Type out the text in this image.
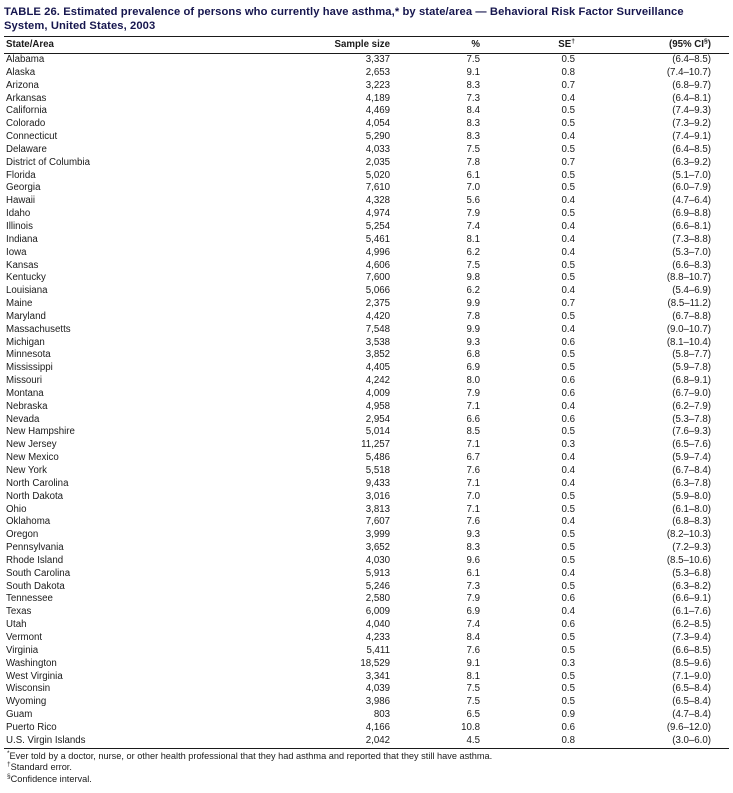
TABLE 26. Estimated prevalence of persons who currently have asthma,* by state/area — Behavioral Risk Factor Surveillance
System, United States, 2003
State/Area	Sample size	%	SE†	(95% CI§)
Alabama	3,337	7.5	0.5	(6.4–8.5)
Alaska	2,653	9.1	0.8	(7.4–10.7)
Arizona	3,223	8.3	0.7	(6.8–9.7)
Arkansas	4,189	7.3	0.4	(6.4–8.1)
California	4,469	8.4	0.5	(7.4–9.3)
Colorado	4,054	8.3	0.5	(7.3–9.2)
Connecticut	5,290	8.3	0.4	(7.4–9.1)
Delaware	4,033	7.5	0.5	(6.4–8.5)
District of Columbia	2,035	7.8	0.7	(6.3–9.2)
Florida	5,020	6.1	0.5	(5.1–7.0)
Georgia	7,610	7.0	0.5	(6.0–7.9)
Hawaii	4,328	5.6	0.4	(4.7–6.4)
Idaho	4,974	7.9	0.5	(6.9–8.8)
Illinois	5,254	7.4	0.4	(6.6–8.1)
Indiana	5,461	8.1	0.4	(7.3–8.8)
Iowa	4,996	6.2	0.4	(5.3–7.0)
Kansas	4,606	7.5	0.5	(6.6–8.3)
Kentucky	7,600	9.8	0.5	(8.8–10.7)
Louisiana	5,066	6.2	0.4	(5.4–6.9)
Maine	2,375	9.9	0.7	(8.5–11.2)
Maryland	4,420	7.8	0.5	(6.7–8.8)
Massachusetts	7,548	9.9	0.4	(9.0–10.7)
Michigan	3,538	9.3	0.6	(8.1–10.4)
Minnesota	3,852	6.8	0.5	(5.8–7.7)
Mississippi	4,405	6.9	0.5	(5.9–7.8)
Missouri	4,242	8.0	0.6	(6.8–9.1)
Montana	4,009	7.9	0.6	(6.7–9.0)
Nebraska	4,958	7.1	0.4	(6.2–7.9)
Nevada	2,954	6.6	0.6	(5.3–7.8)
New Hampshire	5,014	8.5	0.5	(7.6–9.3)
New Jersey	11,257	7.1	0.3	(6.5–7.6)
New Mexico	5,486	6.7	0.4	(5.9–7.4)
New York	5,518	7.6	0.4	(6.7–8.4)
North Carolina	9,433	7.1	0.4	(6.3–7.8)
North Dakota	3,016	7.0	0.5	(5.9–8.0)
Ohio	3,813	7.1	0.5	(6.1–8.0)
Oklahoma	7,607	7.6	0.4	(6.8–8.3)
Oregon	3,999	9.3	0.5	(8.2–10.3)
Pennsylvania	3,652	8.3	0.5	(7.2–9.3)
Rhode Island	4,030	9.6	0.5	(8.5–10.6)
South Carolina	5,913	6.1	0.4	(5.3–6.8)
South Dakota	5,246	7.3	0.5	(6.3–8.2)
Tennessee	2,580	7.9	0.6	(6.6–9.1)
Texas	6,009	6.9	0.4	(6.1–7.6)
Utah	4,040	7.4	0.6	(6.2–8.5)
Vermont	4,233	8.4	0.5	(7.3–9.4)
Virginia	5,411	7.6	0.5	(6.6–8.5)
Washington	18,529	9.1	0.3	(8.5–9.6)
West Virginia	3,341	8.1	0.5	(7.1–9.0)
Wisconsin	4,039	7.5	0.5	(6.5–8.4)
Wyoming	3,986	7.5	0.5	(6.5–8.4)
Guam	803	6.5	0.9	(4.7–8.4)
Puerto Rico	4,166	10.8	0.6	(9.6–12.0)
U.S. Virgin Islands	2,042	4.5	0.8	(3.0–6.0)
*Ever told by a doctor, nurse, or other health professional that they had asthma and reported that they still have asthma.
†Standard error.
§Confidence interval.
